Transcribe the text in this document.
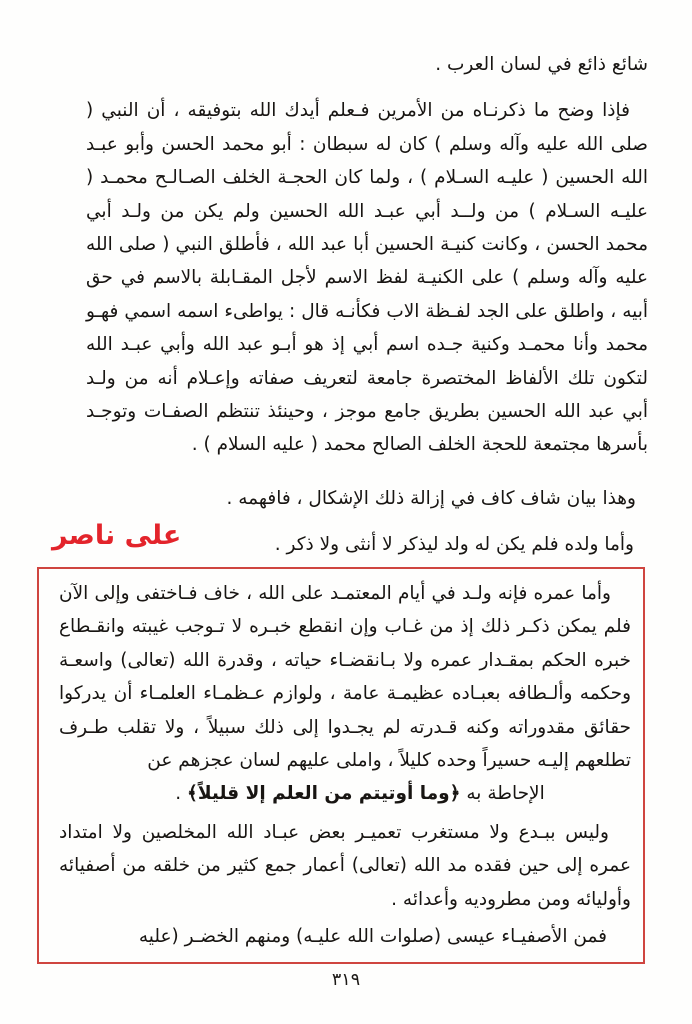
شائع ذائع في لسان العرب .

فإذا وضح ما ذكرنـاه من الأمرين فـعلم أيدك الله بتوفيقه ، أن النبي ( صلى الله عليه وآله وسلم ) كان له سبطان : أبو محمد الحسن وأبو عبـد الله الحسين ( عليـه السـلام ) ، ولما كان الحجـة الخلف الصـالـح محمـد ( عليـه السـلام ) من ولــد أبي عبـد الله الحسين ولم يكن من ولـد أبي محمد الحسن ، وكانت كنيـة الحسين أبا عبد الله ، فأطلق النبي ( صلى الله عليه وآله وسلم ) على الكنيـة لفظ الاسم لأجل المقـابلة بالاسم في حق أبيه ، واطلق على الجد لفـظة الاب فكأنـه قال : يواطىء اسمه اسمي فهـو محمد وأنا محمـد وكنية جـده اسم أبي إذ هو أبـو عبد الله وأبي عبـد الله لتكون تلك الألفاظ المختصرة جامعة لتعريف صفاته وإعـلام أنه من ولـد أبي عبد الله الحسين بطريق جامع موجز ، وحينئذ تنتظم الصفـات وتوجـد بأسرها مجتمعة للحجة الخلف الصالح محمد ( عليه السلام ) .

وهذا بيان شاف كاف في إزالة ذلك الإشكال ، فافهمه .

وأما ولده فلم يكن له ولد ليذكر لا أنثى ولا ذكر .

على ناصر

وأما عمره فإنه ولـد في أيام المعتمـد على الله ، خاف فـاختفى وإلى الآن فلم يمكن ذكـر ذلك إذ من غـاب وإن انقطع خبـره لا تـوجب غيبته وانقـطاع خبره الحكم بمقـدار عمره ولا بـانقضـاء حياته ، وقدرة الله (تعالى) واسعـة وحكمه وألـطافه بعبـاده عظيمـة عامة ، ولوازم عـظمـاء العلمـاء أن يدركوا حقائق مقدوراته وكنه قـدرته لم يجـدوا إلى ذلك سبيلاً ، ولا تقلب طـرف تطلعهم إليـه حسيراً وحده كليلاً ، واملى عليهم لسان عجزهم عن

الإحاطة به ﴿وما أوتيتم من العلم إلا قليلاً﴾ .

وليس ببـدع ولا مستغرب تعميـر بعض عبـاد الله المخلصين ولا امتداد عمره إلى حين فقده مد الله (تعالى) أعمار جمع كثير من خلقه من أصفيائه وأوليائه ومن مطروديه وأعدائه .

فمن الأصفيـاء عيسى (صلوات الله عليـه) ومنهم الخضـر (عليه

٣١٩
